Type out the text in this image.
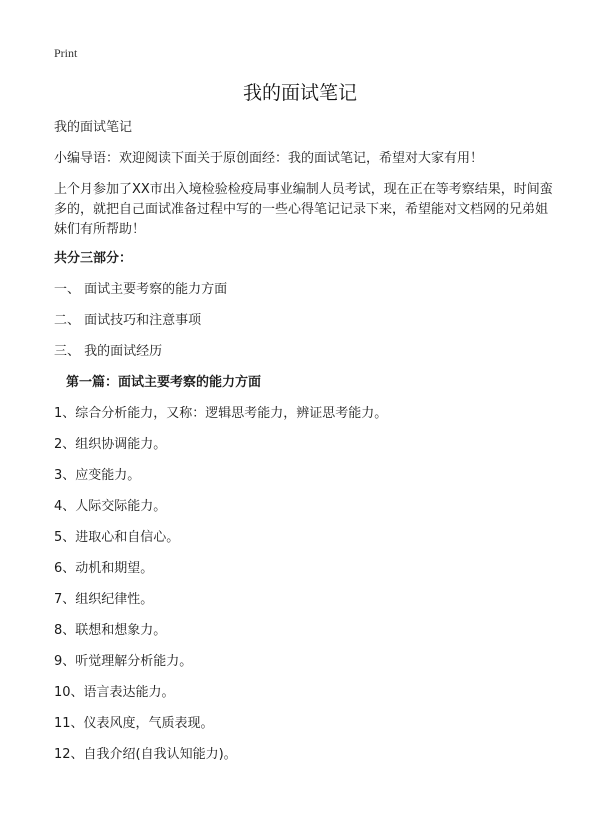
Print
我的面试笔记

我的面试笔记

小编导语：欢迎阅读下面关于原创面经：我的面试笔记，希望对大家有用！

上个月参加了XX市出入境检验检疫局事业编制人员考试，现在正在等考察结果，时间蛮多的，就把自己面试准备过程中写的一些心得笔记记录下来，希望能对文档网的兄弟姐妹们有所帮助！

共分三部分：

一、 面试主要考察的能力方面
二、 面试技巧和注意事项
三、 我的面试经历

第一篇：面试主要考察的能力方面

1、综合分析能力，又称：逻辑思考能力，辨证思考能力。
2、组织协调能力。
3、应变能力。
4、人际交际能力。
5、进取心和自信心。
6、动机和期望。
7、组织纪律性。
8、联想和想象力。
9、听觉理解分析能力。
10、语言表达能力。
11、仪表风度，气质表现。
12、自我介绍(自我认知能力)。
